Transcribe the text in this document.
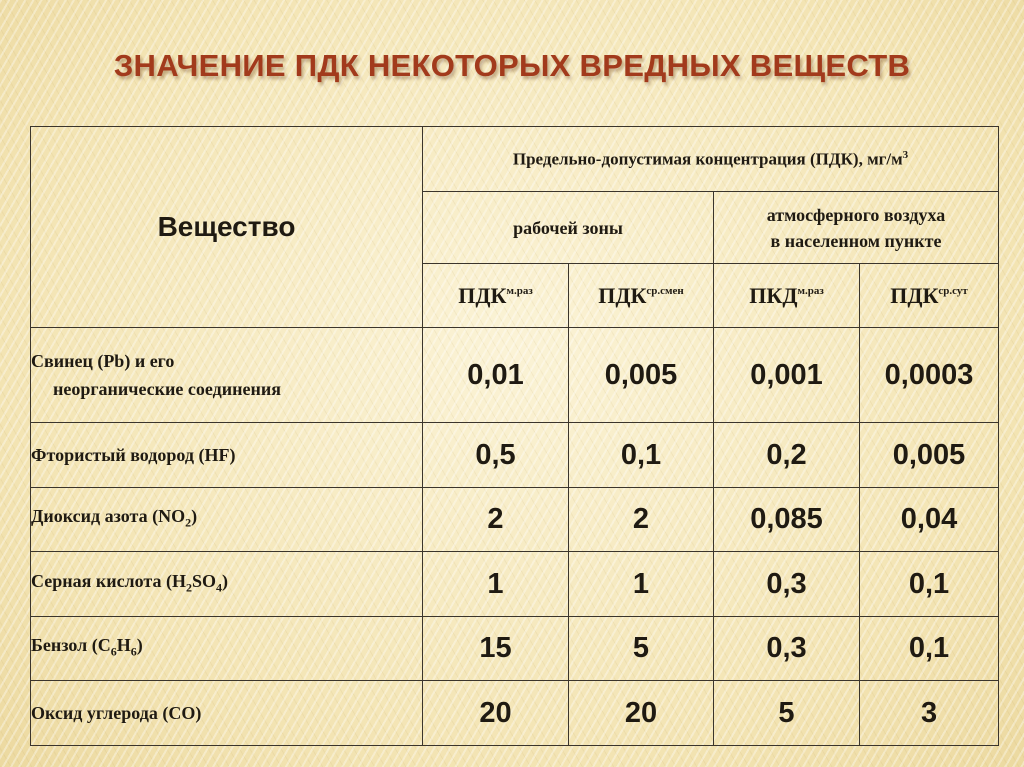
ЗНАЧЕНИЕ ПДК НЕКОТОРЫХ ВРЕДНЫХ ВЕЩЕСТВ
Вещество	Предельно-допустимая концентрация (ПДК), $мг/м^3$
	рабочей зоны		атмосферного воздуха
в населенном пункте	
	$ПДК^{м.раз}$	$ПДК^{ср.смен}$	$ПКД^{м.раз}$	$ПДК^{ср.сут}$
Свинец (Pb) и его
неорганические соединения	0,01	0,005	0,001	0,0003
Фтористый водород (HF)	0,5	0,1	0,2	0,005
Диоксид азота $(NO_2)$	2	2	0,085	0,04
Серная кислота $(H_2SO_4)$	1	1	0,3	0,1
Бензол $(C_6H_6)$	15	5	0,3	0,1
Оксид углерода (CO)	20	20	5	3
